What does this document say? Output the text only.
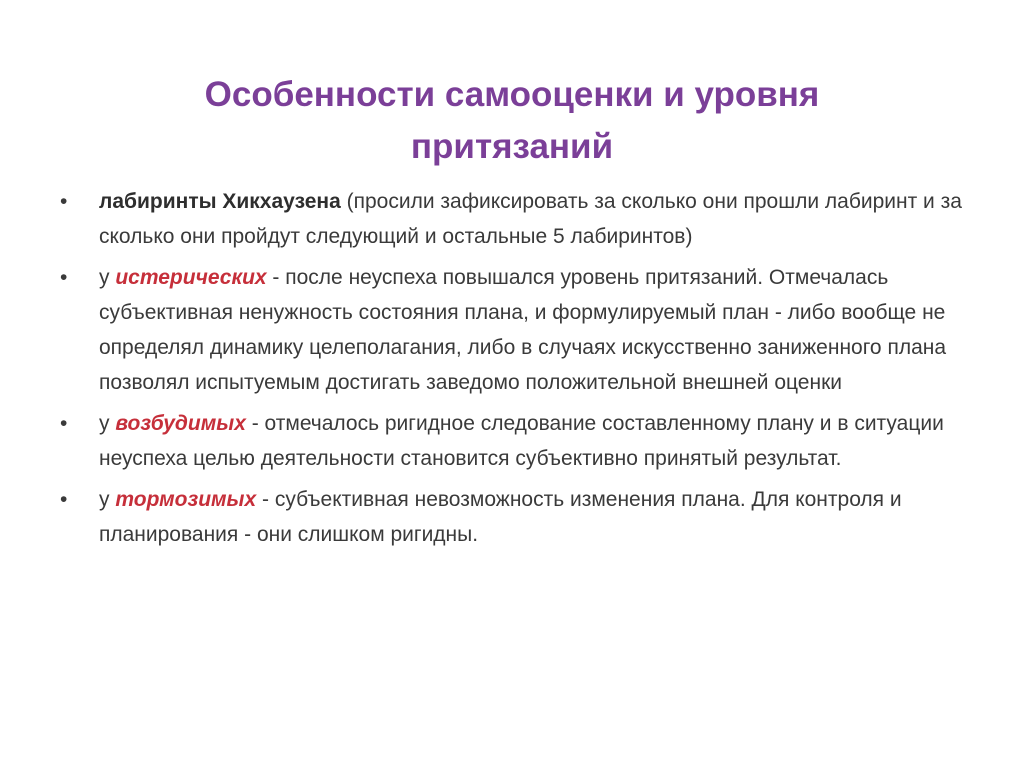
Особенности самооценки и уровня
притязаний
• лабиринты Хикхаузена (просили зафиксировать за сколько они прошли лабиринт и за сколько они пройдут следующий и остальные 5 лабиринтов)
• у истерических - после неуспеха повышался уровень притязаний. Отмечалась субъективная ненужность состояния плана, и формулируемый план - либо вообще не определял динамику целеполагания, либо в случаях искусственно заниженного плана позволял испытуемым достигать заведомо положительной внешней оценки
• у возбудимых - отмечалось ригидное следование составленному плану и в ситуации неуспеха целью деятельности становится субъективно принятый результат.
• у тормозимых - субъективная невозможность изменения плана. Для контроля и планирования - они слишком ригидны.
